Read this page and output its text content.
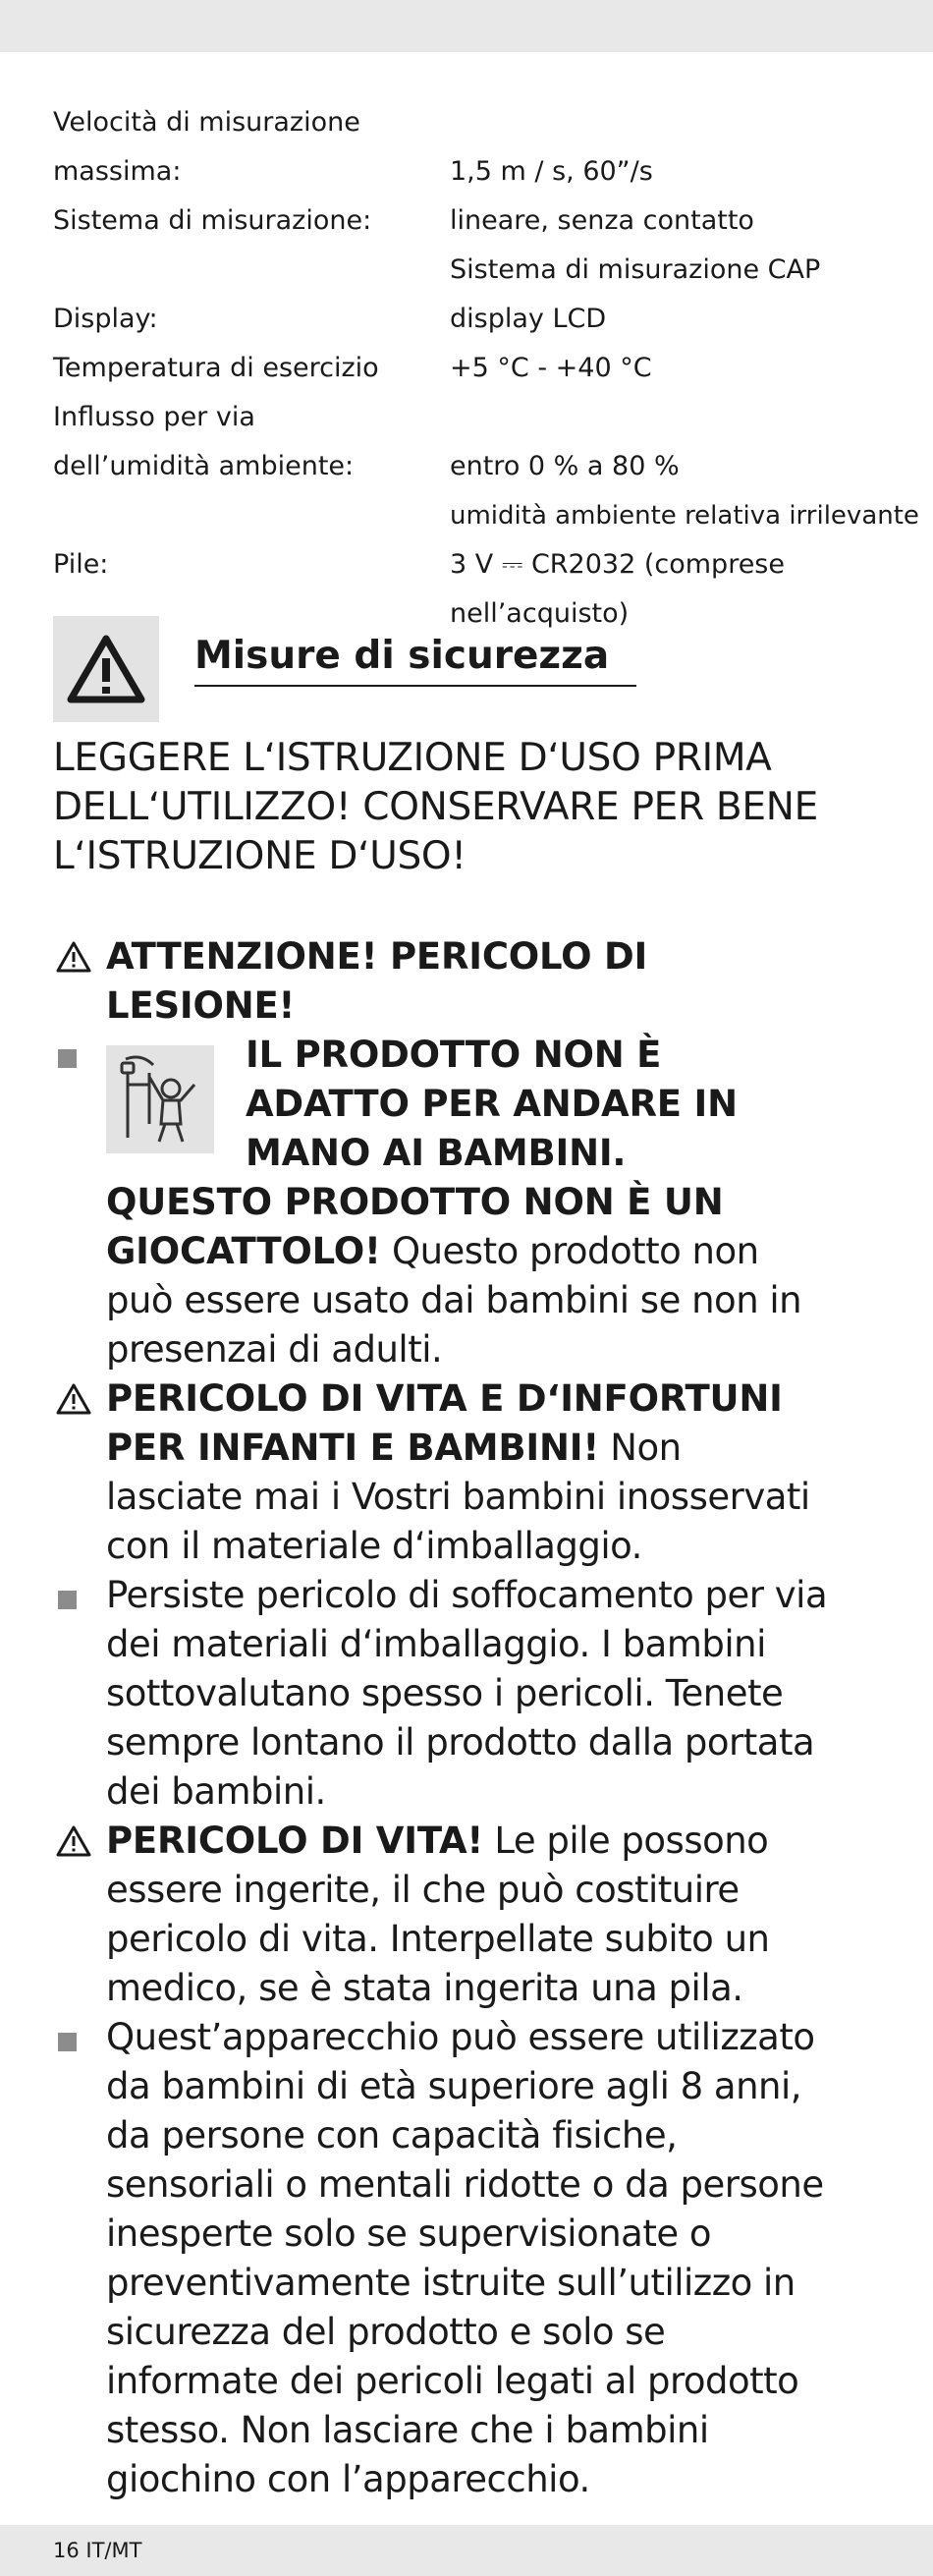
Velocità di misurazione
massima:	1,5 m / s, 60”/s
Sistema di misurazione:	lineare, senza contatto
Sistema di misurazione CAP
Display:	display LCD
Temperatura di esercizio	+5 °C - +40 °C
Influsso per via
dell’umidità ambiente:	entro 0 % a 80 %
umidità ambiente relativa irrilevante
Pile:	3 V ⎓ CR2032 (comprese
nell’acquisto)
Misure di sicurezza
LEGGERE L‘ISTRUZIONE D‘USO PRIMA
DELL‘UTILIZZO! CONSERVARE PER BENE
L‘ISTRUZIONE D‘USO!
ATTENZIONE! PERICOLO DI
LESIONE!
IL PRODOTTO NON È
ADATTO PER ANDARE IN
MANO AI BAMBINI.
QUESTO PRODOTTO NON È UN
GIOCATTOLO! Questo prodotto non
può essere usato dai bambini se non in
presenzai di adulti.
PERICOLO DI VITA E D‘INFORTUNI
PER INFANTI E BAMBINI! Non
lasciate mai i Vostri bambini inosservati
con il materiale d‘imballaggio.
Persiste pericolo di soffocamento per via
dei materiali d‘imballaggio. I bambini
sottovalutano spesso i pericoli. Tenete
sempre lontano il prodotto dalla portata
dei bambini.
PERICOLO DI VITA! Le pile possono
essere ingerite, il che può costituire
pericolo di vita. Interpellate subito un
medico, se è stata ingerita una pila.
Quest’apparecchio può essere utilizzato
da bambini di età superiore agli 8 anni,
da persone con capacità fisiche,
sensoriali o mentali ridotte o da persone
inesperte solo se supervisionate o
preventivamente istruite sull’utilizzo in
sicurezza del prodotto e solo se
informate dei pericoli legati al prodotto
stesso. Non lasciare che i bambini
giochino con l’apparecchio.
16 IT/MT
